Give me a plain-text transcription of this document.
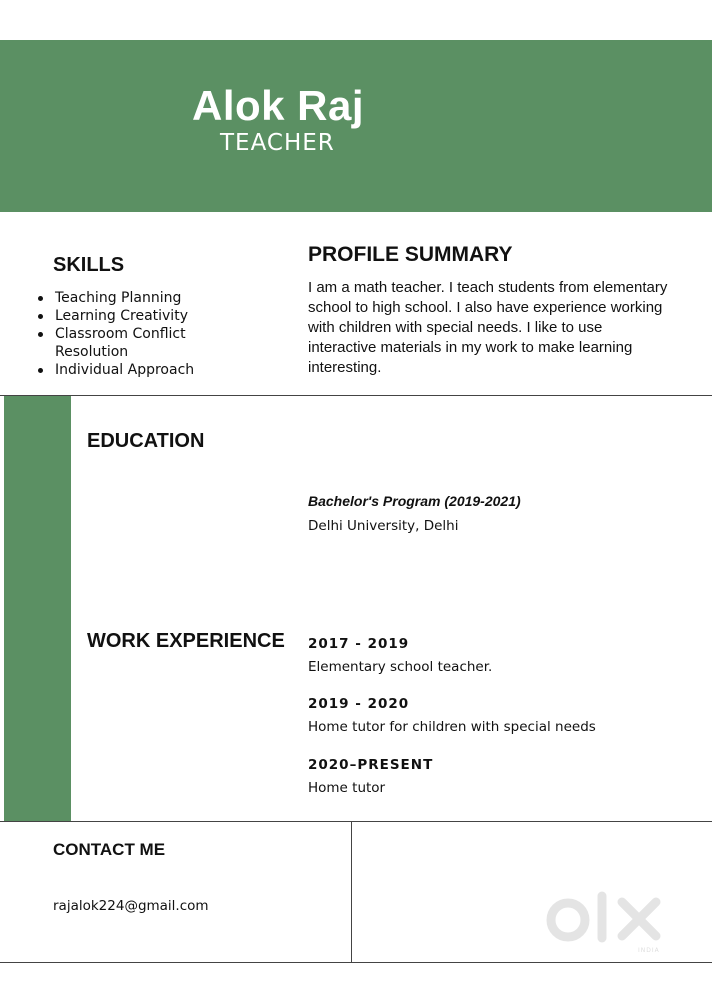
Alok Raj
TEACHER
SKILLS
Teaching Planning
Learning Creativity
Classroom Conflict Resolution
Individual Approach
PROFILE SUMMARY
I am a math teacher. I teach students from elementary school to high school. I also have experience working with children with special needs. I like to use interactive materials in my work to make learning interesting.
EDUCATION
Bachelor's Program (2019-2021)
Delhi University, Delhi
WORK EXPERIENCE 2017 - 2019
Elementary school teacher.
2019 - 2020
Home tutor for children with special needs
2020–PRESENT
Home tutor
CONTACT ME
rajalok224@gmail.com
INDIA
